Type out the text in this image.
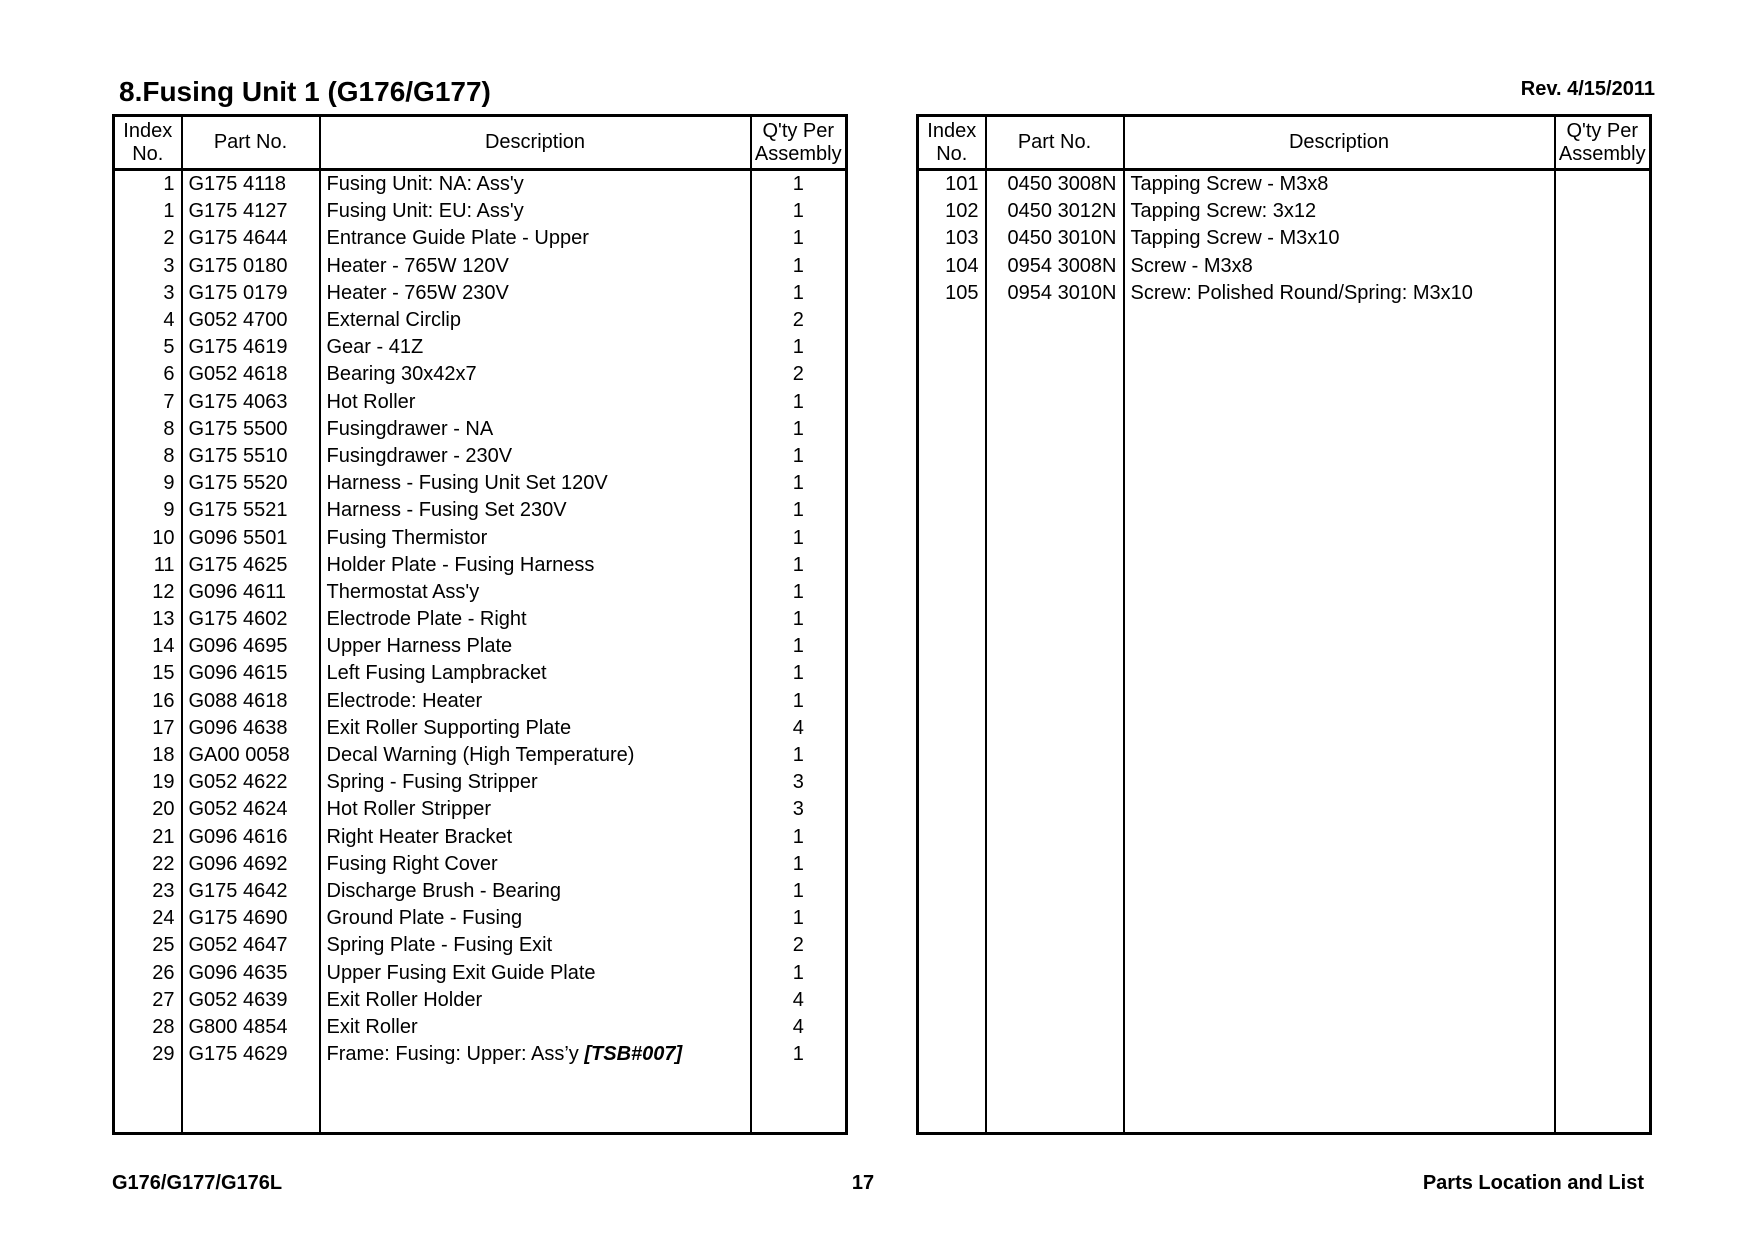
8.Fusing Unit 1 (G176/G177)	Rev. 4/15/2011
Index
No.	Part No.	Description	Q'ty Per
Assembly
1	G175 4118	Fusing Unit: NA: Ass'y	1
1	G175 4127	Fusing Unit: EU: Ass'y	1
2	G175 4644	Entrance Guide Plate - Upper	1
3	G175 0180	Heater - 765W 120V	1
3	G175 0179	Heater - 765W 230V	1
4	G052 4700	External Circlip	2
5	G175 4619	Gear - 41Z	1
6	G052 4618	Bearing 30x42x7	2
7	G175 4063	Hot Roller	1
8	G175 5500	Fusingdrawer - NA	1
8	G175 5510	Fusingdrawer - 230V	1
9	G175 5520	Harness - Fusing Unit Set 120V	1
9	G175 5521	Harness - Fusing Set 230V	1
10	G096 5501	Fusing Thermistor	1
11	G175 4625	Holder Plate - Fusing Harness	1
12	G096 4611	Thermostat Ass'y	1
13	G175 4602	Electrode Plate - Right	1
14	G096 4695	Upper Harness Plate	1
15	G096 4615	Left Fusing Lampbracket	1
16	G088 4618	Electrode: Heater	1
17	G096 4638	Exit Roller Supporting Plate	4
18	GA00 0058	Decal Warning (High Temperature)	1
19	G052 4622	Spring - Fusing Stripper	3
20	G052 4624	Hot Roller Stripper	3
21	G096 4616	Right Heater Bracket	1
22	G096 4692	Fusing Right Cover	1
23	G175 4642	Discharge Brush - Bearing	1
24	G175 4690	Ground Plate - Fusing	1
25	G052 4647	Spring Plate - Fusing Exit	2
26	G096 4635	Upper Fusing Exit Guide Plate	1
27	G052 4639	Exit Roller Holder	4
28	G800 4854	Exit Roller	4
29	G175 4629	Frame: Fusing: Upper: Ass’y [TSB#007]	1

Index
No.	Part No.	Description	Q'ty Per
Assembly
101	0450 3008N	Tapping Screw - M3x8	
102	0450 3012N	Tapping Screw: 3x12	
103	0450 3010N	Tapping Screw - M3x10	
104	0954 3008N	Screw - M3x8	
105	0954 3010N	Screw: Polished Round/Spring: M3x10	

G176/G177/G176L	17	Parts Location and List
